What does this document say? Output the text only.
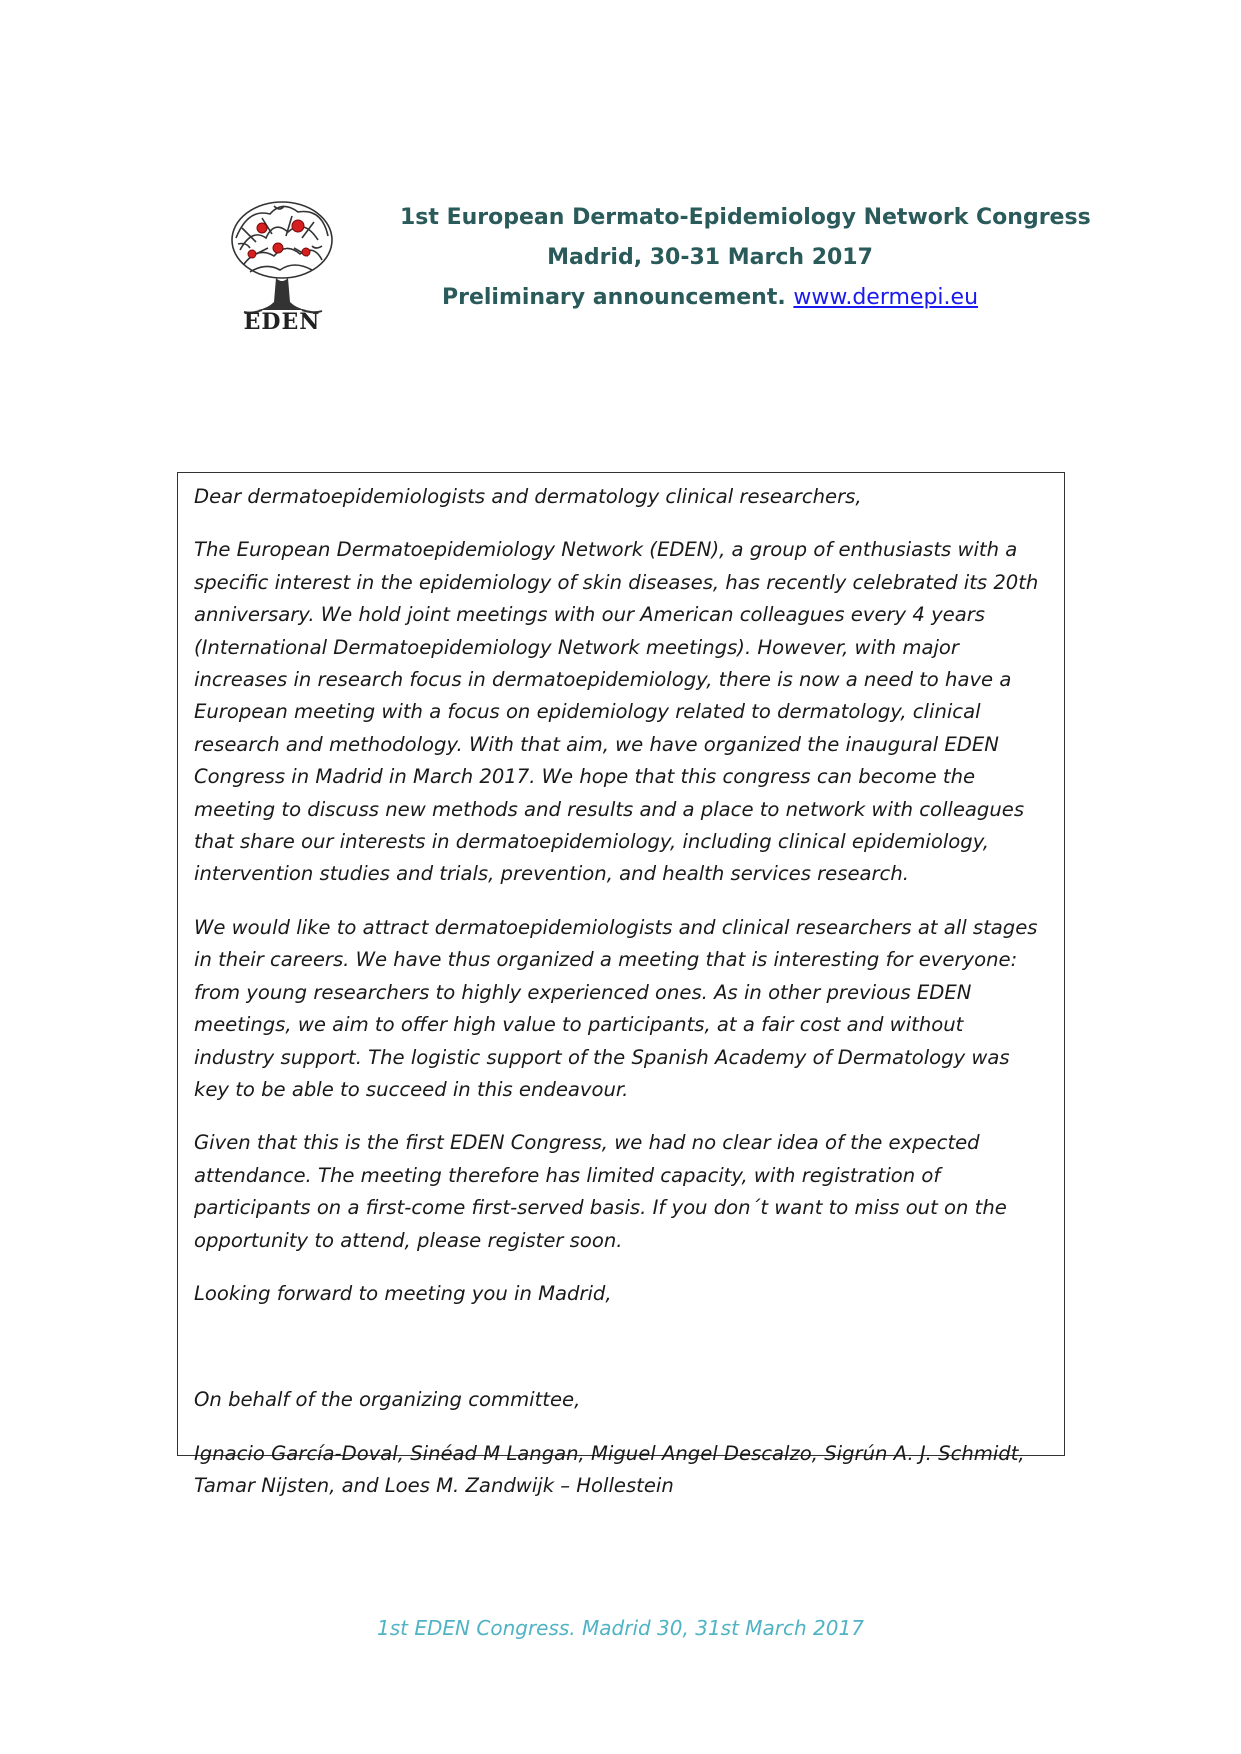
EDEN
1st European Dermato-Epidemiology Network Congress
Madrid, 30-31 March 2017
Preliminary announcement. www.dermepi.eu

Dear dermatoepidemiologists and dermatology clinical researchers,

The European Dermatoepidemiology Network (EDEN), a group of enthusiasts with a specific interest in the epidemiology of skin diseases, has recently celebrated its 20th anniversary. We hold joint meetings with our American colleagues every 4 years (International Dermatoepidemiology Network meetings). However, with major increases in research focus in dermatoepidemiology, there is now a need to have a European meeting with a focus on epidemiology related to dermatology, clinical research and methodology. With that aim, we have organized the inaugural EDEN Congress in Madrid in March 2017. We hope that this congress can become the meeting to discuss new methods and results and a place to network with colleagues that share our interests in dermatoepidemiology, including clinical epidemiology, intervention studies and trials, prevention, and health services research.

We would like to attract dermatoepidemiologists and clinical researchers at all stages in their careers. We have thus organized a meeting that is interesting for everyone: from young researchers to highly experienced ones. As in other previous EDEN meetings, we aim to offer high value to participants, at a fair cost and without industry support. The logistic support of the Spanish Academy of Dermatology was key to be able to succeed in this endeavour.

Given that this is the first EDEN Congress, we had no clear idea of the expected attendance. The meeting therefore has limited capacity, with registration of participants on a first-come first-served basis. If you don´t want to miss out on the opportunity to attend, please register soon.

Looking forward to meeting you in Madrid,

On behalf of the organizing committee,

Ignacio García-Doval, Sinéad M Langan, Miguel Angel Descalzo, Sigrún A. J. Schmidt, Tamar Nijsten, and Loes M. Zandwijk – Hollestein

1st EDEN Congress. Madrid 30, 31st March 2017
